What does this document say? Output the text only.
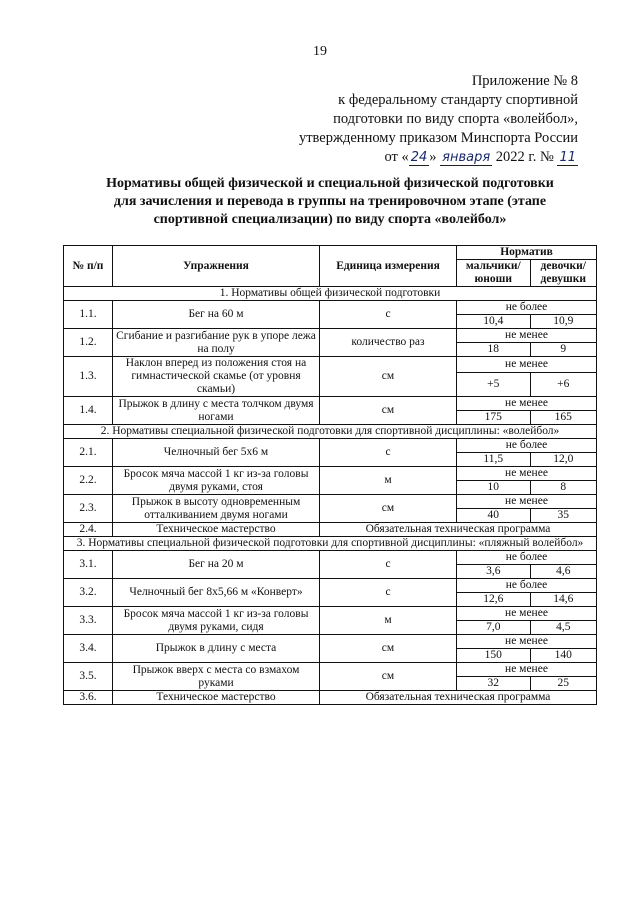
19
Приложение № 8
к федеральному стандарту спортивной
подготовки по виду спорта «волейбол»,
утвержденному приказом Минспорта России
от « 24 » января 2022 г. № 11
Нормативы общей физической и специальной физической подготовки
для зачисления и перевода в группы на тренировочном этапе (этапе
спортивной специализации) по виду спорта «волейбол»
№ п/п	Упражнения	Единица измерения	Норматив	
			мальчики/ юноши	девочки/ девушки
1. Нормативы общей физической подготовки				
1.1.	Бег на 60 м	с	не более	
			10,4	10,9
1.2.	Сгибание и разгибание рук в упоре лежа на полу	количество раз	не менее	
			18	9
1.3.	Наклон вперед из положения стоя на гимнастической скамье (от уровня скамьи)	см	не менее	
			+5	+6
1.4.	Прыжок в длину с места толчком двумя ногами	см	не менее	
			175	165
2. Нормативы специальной физической подготовки для спортивной дисциплины: «волейбол»				
2.1.	Челночный бег 5х6 м	с	не более	
			11,5	12,0
2.2.	Бросок мяча массой 1 кг из-за головы двумя руками, стоя	м	не менее	
			10	8
2.3.	Прыжок в высоту одновременным отталкиванием двумя ногами	см	не менее	
			40	35
2.4.	Техническое мастерство	Обязательная техническая программа		
3. Нормативы специальной физической подготовки для спортивной дисциплины: «пляжный волейбол»				
3.1.	Бег на 20 м	с	не более	
			3,6	4,6
3.2.	Челночный бег 8х5,66 м «Конверт»	с	не более	
			12,6	14,6
3.3.	Бросок мяча массой 1 кг из-за головы двумя руками, сидя	м	не менее	
			7,0	4,5
3.4.	Прыжок в длину с места	см	не менее	
			150	140
3.5.	Прыжок вверх с места со взмахом руками	см	не менее	
			32	25
3.6.	Техническое мастерство	Обязательная техническая программа		
